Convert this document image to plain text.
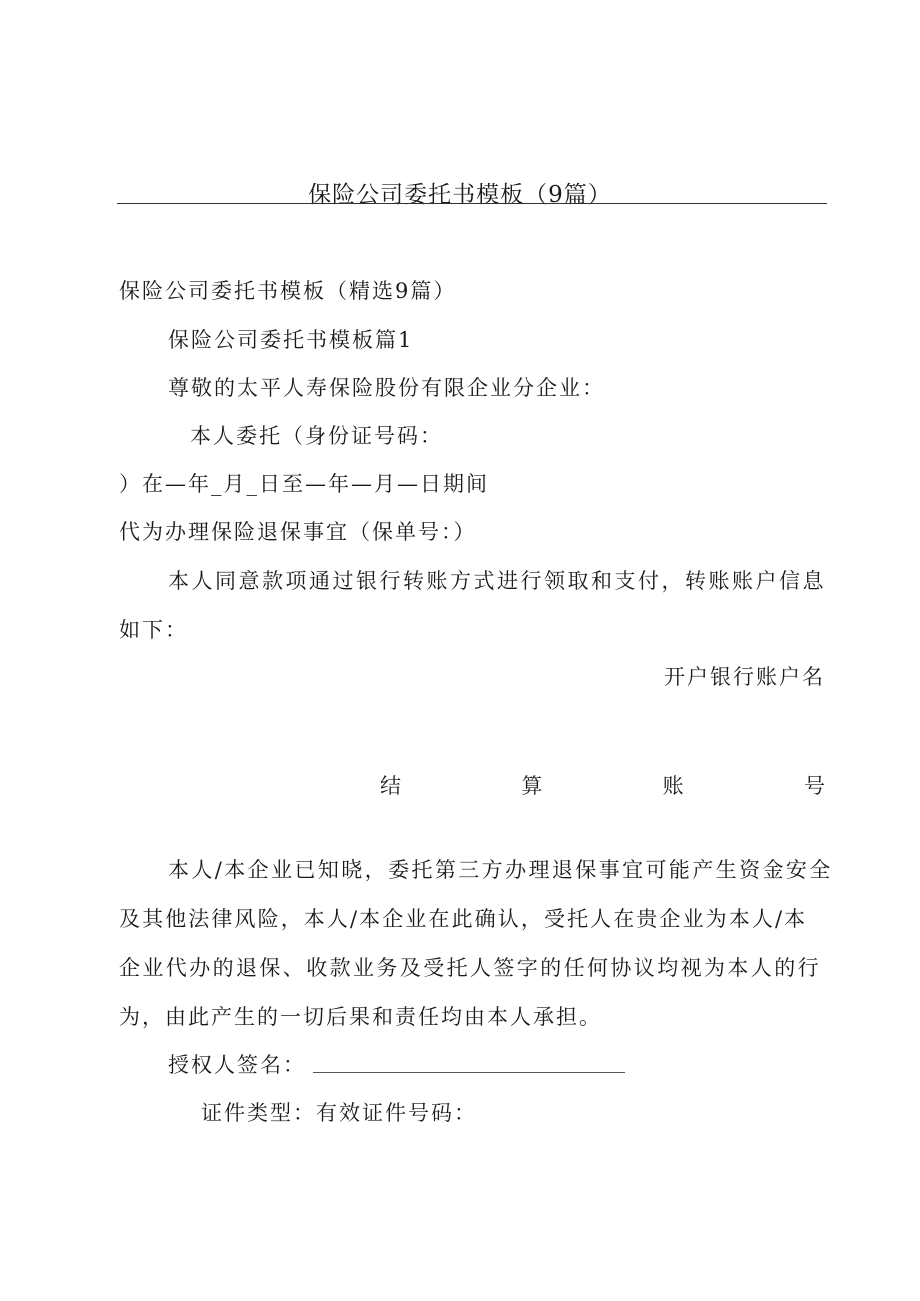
保险公司委托书模板（9篇）
保险公司委托书模板（精选9篇）
保险公司委托书模板篇1
尊敬的太平人寿保险股份有限企业分企业：
本人委托（身份证号码：
）在—年_月_日至—年—月—日期间
代为办理保险退保事宜（保单号：）
本人同意款项通过银行转账方式进行领取和支付，转账账户信息
如下：
开户银行账户名
结	算	账	号
本人/本企业已知晓，委托第三方办理退保事宜可能产生资金安全
及其他法律风险，本人/本企业在此确认，受托人在贵企业为本人/本
企业代办的退保、收款业务及受托人签字的任何协议均视为本人的行
为，由此产生的一切后果和责任均由本人承担。
授权人签名：
证件类型：有效证件号码：
